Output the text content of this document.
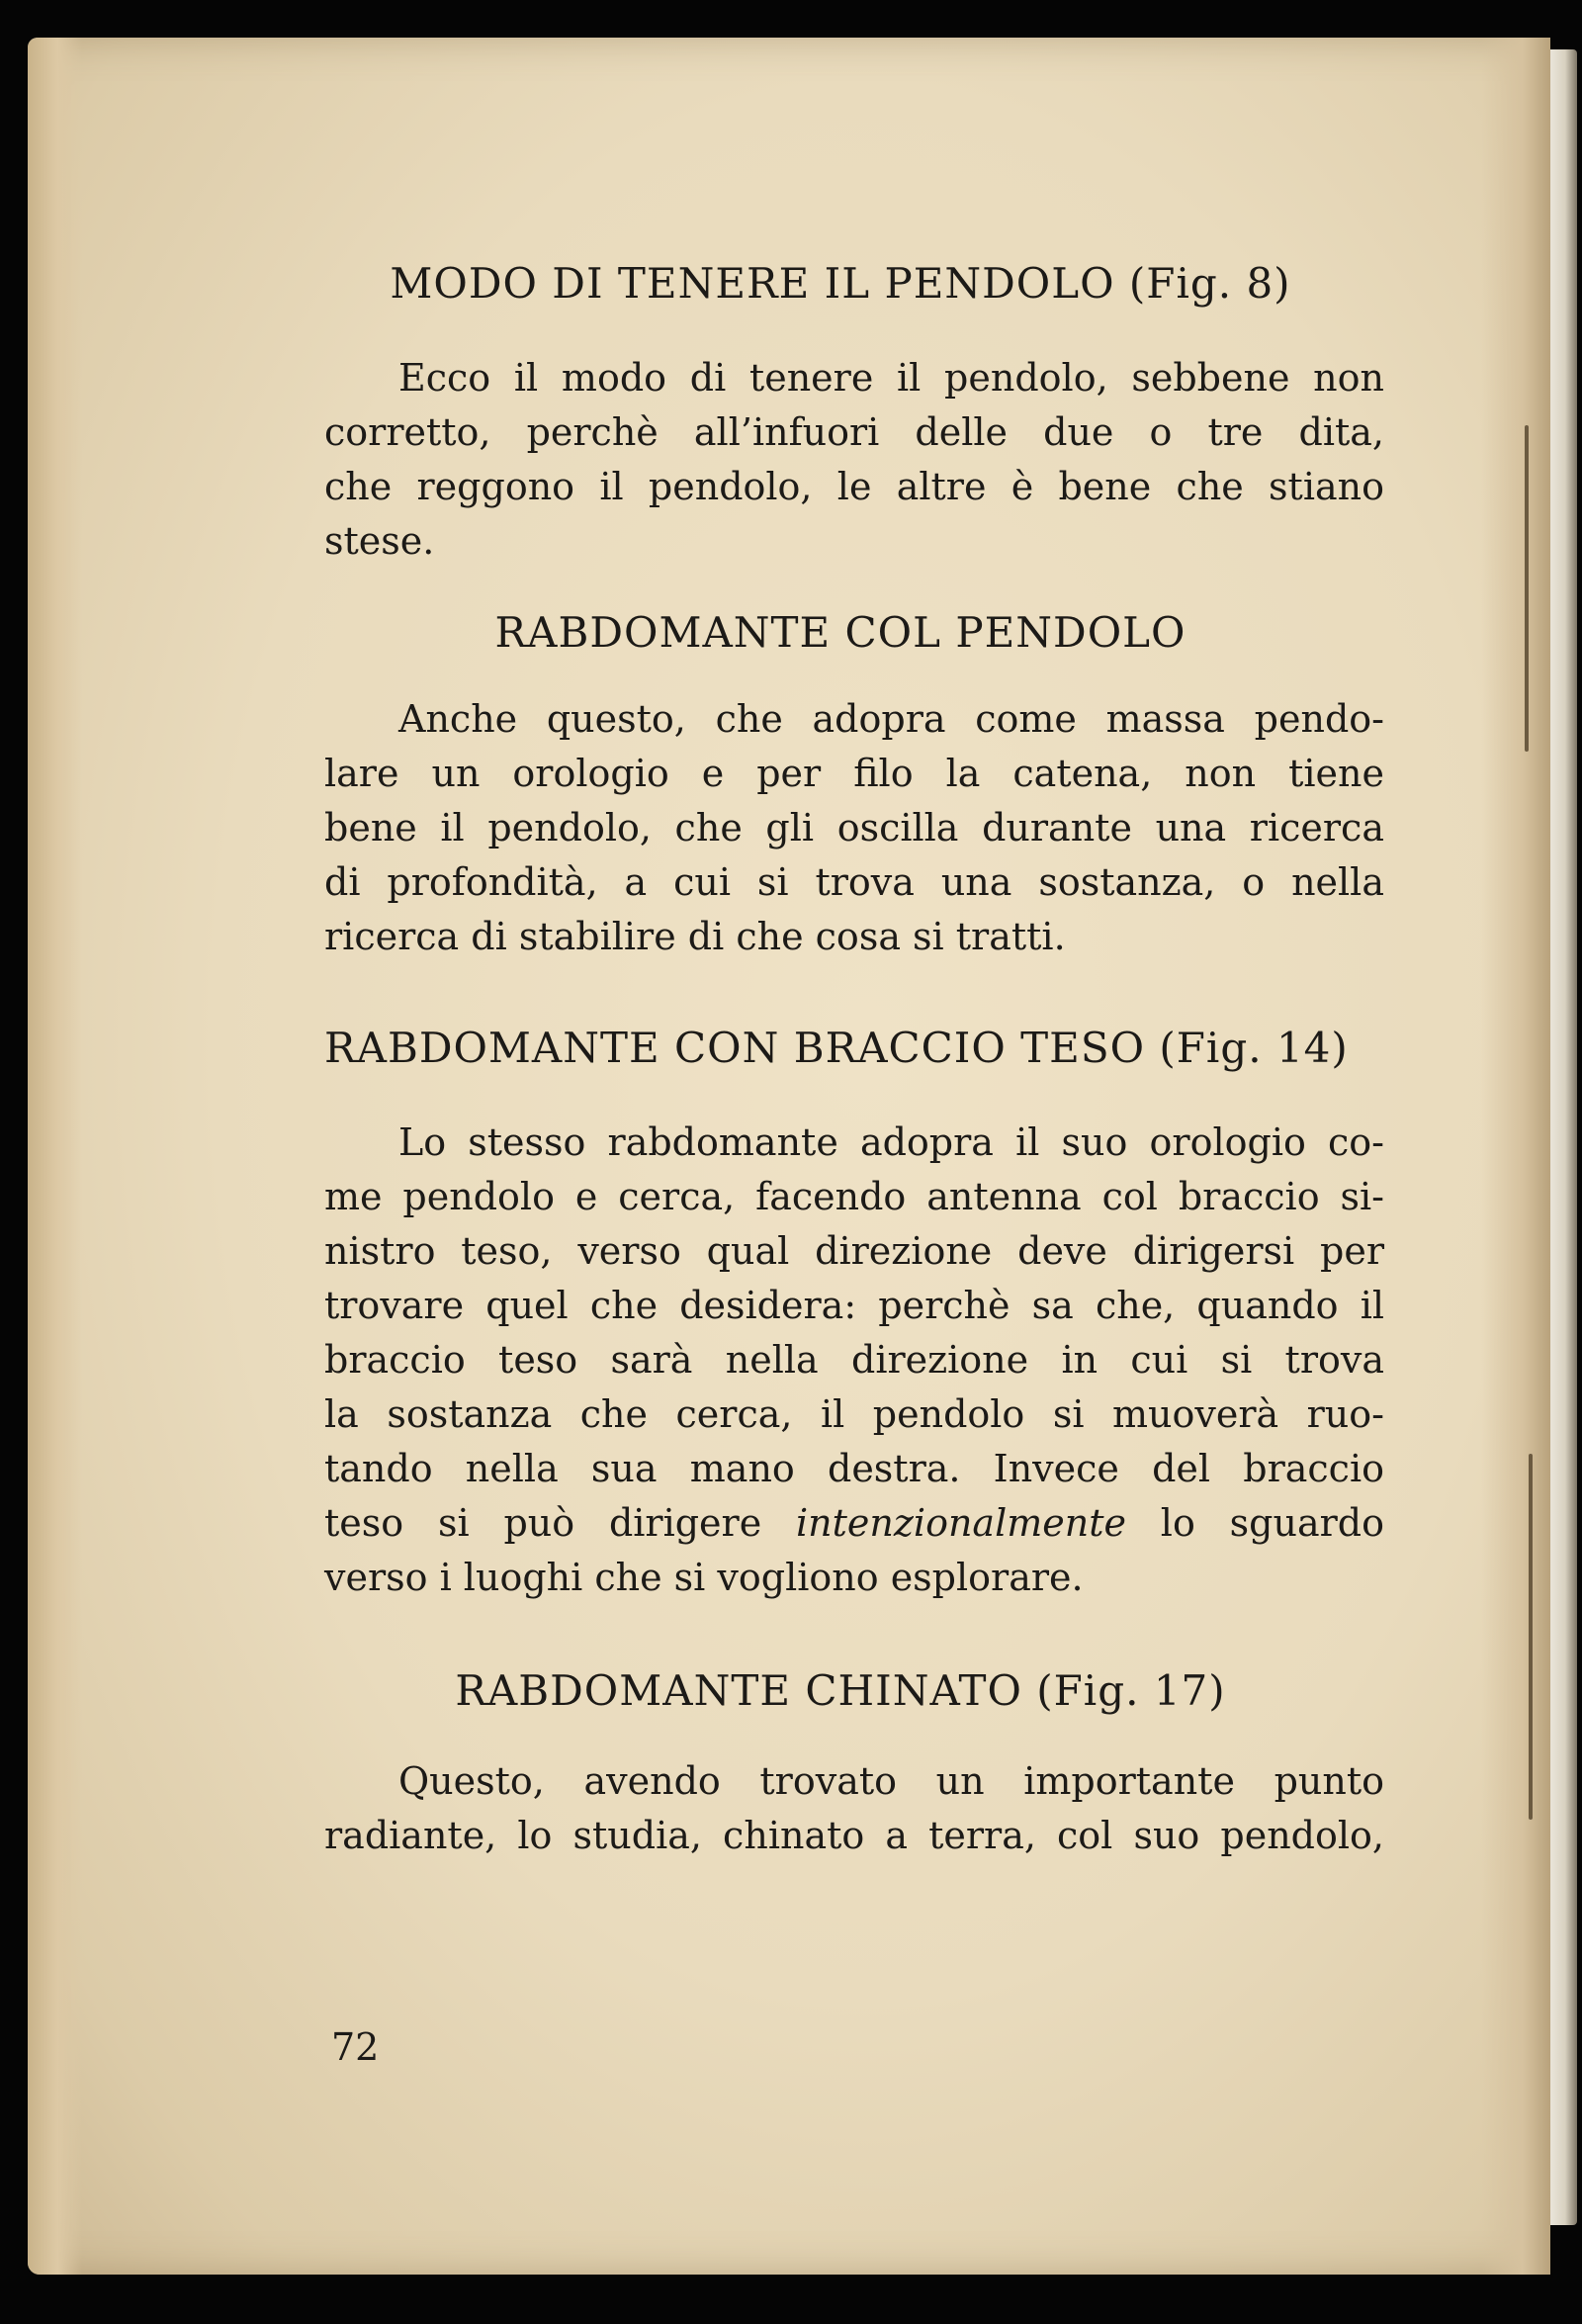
MODO DI TENERE IL PENDOLO (Fig. 8)
Ecco il modo di tenere il pendolo, sebbene non
corretto, perchè all’infuori delle due o tre dita,
che reggono il pendolo, le altre è bene che stiano
stese.
RABDOMANTE COL PENDOLO
Anche questo, che adopra come massa pendo-
lare un orologio e per filo la catena, non tiene
bene il pendolo, che gli oscilla durante una ricerca
di profondità, a cui si trova una sostanza, o nella
ricerca di stabilire di che cosa si tratti.
RABDOMANTE CON BRACCIO TESO (Fig. 14)
Lo stesso rabdomante adopra il suo orologio co-
me pendolo e cerca, facendo antenna col braccio si-
nistro teso, verso qual direzione deve dirigersi per
trovare quel che desidera: perchè sa che, quando il
braccio teso sarà nella direzione in cui si trova
la sostanza che cerca, il pendolo si muoverà ruo-
tando nella sua mano destra. Invece del braccio
teso si può dirigere intenzionalmente lo sguardo
verso i luoghi che si vogliono esplorare.
RABDOMANTE CHINATO (Fig. 17)
Questo, avendo trovato un importante punto
radiante, lo studia, chinato a terra, col suo pendolo,
72
